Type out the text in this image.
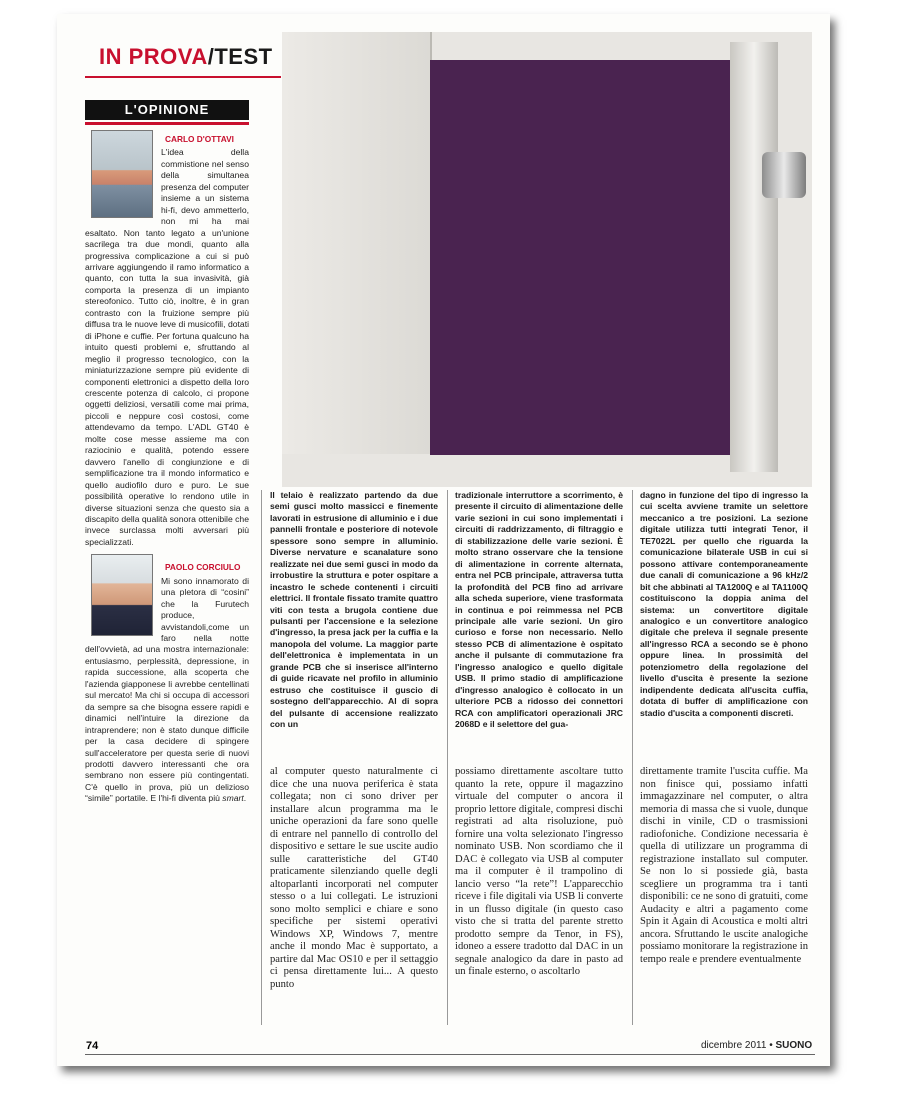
IN PROVA/TEST
L'OPINIONE
CARLO D'OTTAVI

L'idea della commistione nel senso della simultanea presenza del computer insieme a un sistema hi-fi, devo ammetterlo, non mi ha mai esaltato. Non tanto legato a un'unione sacrilega tra due mondi, quanto alla progressiva complicazione a cui si può arrivare aggiungendo il ramo informatico a quanto, con tutta la sua invasività, già comporta la presenza di un impianto stereofonico. Tutto ciò, inoltre, è in gran contrasto con la fruizione sempre più diffusa tra le nuove leve di musicofili, dotati di iPhone e cuffie. Per fortuna qualcuno ha intuito questi problemi e, sfruttando al meglio il progresso tecnologico, con la miniaturizzazione sempre più evidente di componenti elettronici a dispetto della loro crescente potenza di calcolo, ci propone oggetti deliziosi, versatili come mai prima, piccoli e neppure così costosi, come attendevamo da tempo. L'ADL GT40 è molte cose messe assieme ma con raziocinio e qualità, potendo essere davvero l'anello di congiunzione e di semplificazione tra il mondo informatico e quello audiofilo duro e puro. Le sue possibilità operative lo rendono utile in diverse situazioni senza che questo sia a discapito della qualità sonora ottenibile che invece surclassa molti avversari più specializzati.

PAOLO CORCIULO

Mi sono innamorato di una pletora di “cosini” che la Furutech produce, avvistandoli,come un faro nella notte dell'ovvietà, ad una mostra internazionale: entusiasmo, perplessità, depressione, in rapida successione, alla scoperta che l'azienda giapponese li avrebbe centellinati sul mercato! Ma chi si occupa di accessori da sempre sa che bisogna essere rapidi e dinamici nell'intuire la direzione da intraprendere; non è stato dunque difficile per la casa decidere di spingere sull'acceleratore per questa serie di nuovi prodotti davvero interessanti che ora sembrano non essere più contingentati. C'è quello in prova, più un delizioso “simile” portatile. E l'hi-fi diventa più smart.

Il telaio è realizzato partendo da due semi gusci molto massicci e finemente lavorati in estrusione di alluminio e i due pannelli frontale e posteriore di notevole spessore sono sempre in alluminio. Diverse nervature e scanalature sono realizzate nei due semi gusci in modo da irrobustire la struttura e poter ospitare a incastro le schede contenenti i circuiti elettrici. Il frontale fissato tramite quattro viti con testa a brugola contiene due pulsanti per l'accensione e la selezione d'ingresso, la presa jack per la cuffia e la manopola del volume. La maggior parte dell'elettronica è implementata in un grande PCB che si inserisce all'interno di guide ricavate nel profilo in alluminio estruso che costituisce il guscio di sostegno dell'apparecchio. Al di sopra del pulsante di accensione realizzato con un
tradizionale interruttore a scorrimento, è presente il circuito di alimentazione delle varie sezioni in cui sono implementati i circuiti di raddrizzamento, di filtraggio e di stabilizzazione delle varie sezioni. È molto strano osservare che la tensione di alimentazione in corrente alternata, entra nel PCB principale, attraversa tutta la profondità del PCB fino ad arrivare alla scheda superiore, viene trasformata in continua e poi reimmessa nel PCB principale alle varie sezioni. Un giro curioso e forse non necessario. Nello stesso PCB di alimentazione è ospitato anche il pulsante di commutazione fra l'ingresso analogico e quello digitale USB. Il primo stadio di amplificazione d'ingresso analogico è collocato in un ulteriore PCB a ridosso dei connettori RCA con amplificatori operazionali JRC 2068D e il selettore del gua-
dagno in funzione del tipo di ingresso la cui scelta avviene tramite un selettore meccanico a tre posizioni. La sezione digitale utilizza tutti integrati Tenor, il TE7022L per quello che riguarda la comunicazione bilaterale USB in cui si possono attivare contemporaneamente due canali di comunicazione a 96 kHz/2 bit che abbinati al TA1200Q e al TA1100Q costituiscono la doppia anima del sistema: un convertitore digitale analogico e un convertitore analogico digitale che preleva il segnale presente all'ingresso RCA a secondo se è phono oppure linea. In prossimità del potenziometro della regolazione del livello d'uscita è presente la sezione indipendente dedicata all'uscita cuffia, dotata di buffer di amplificazione con stadio d'uscita a componenti discreti.
al computer questo naturalmente ci dice che una nuova periferica è stata collegata; non ci sono driver per installare alcun programma ma le uniche operazioni da fare sono quelle di entrare nel pannello di controllo del dispositivo e settare le sue uscite audio sulle caratteristiche del GT40 praticamente silenziando quelle degli altoparlanti incorporati nel computer stesso o a lui collegati. Le istruzioni sono molto semplici e chiare e sono specifiche per sistemi operativi Windows XP, Windows 7, mentre anche il mondo Mac è supportato, a partire dal Mac OS10 e per il settaggio ci pensa direttamente lui... A questo punto
possiamo direttamente ascoltare tutto quanto la rete, oppure il magazzino virtuale del computer o ancora il proprio lettore digitale, compresi dischi registrati ad alta risoluzione, può fornire una volta selezionato l'ingresso nominato USB. Non scordiamo che il DAC è collegato via USB al computer ma il computer è il trampolino di lancio verso “la rete”! L'apparecchio riceve i file digitali via USB li converte in un flusso digitale (in questo caso visto che si tratta del parente stretto prodotto sempre da Tenor, in FS), idoneo a essere tradotto dal DAC in un segnale analogico da dare in pasto ad un finale esterno, o ascoltarlo
direttamente tramite l'uscita cuffie. Ma non finisce qui, possiamo infatti immagazzinare nel computer, o altra memoria di massa che si vuole, dunque dischi in vinile, CD o trasmissioni radiofoniche. Condizione necessaria è quella di utilizzare un programma di registrazione installato sul computer. Se non lo si possiede già, basta scegliere un programma tra i tanti disponibili: ce ne sono di gratuiti, come Audacity e altri a pagamento come Spin it Again di Acoustica e molti altri ancora. Sfruttando le uscite analogiche possiamo monitorare la registrazione in tempo reale e prendere eventualmente
74	dicembre 2011 • SUONO
